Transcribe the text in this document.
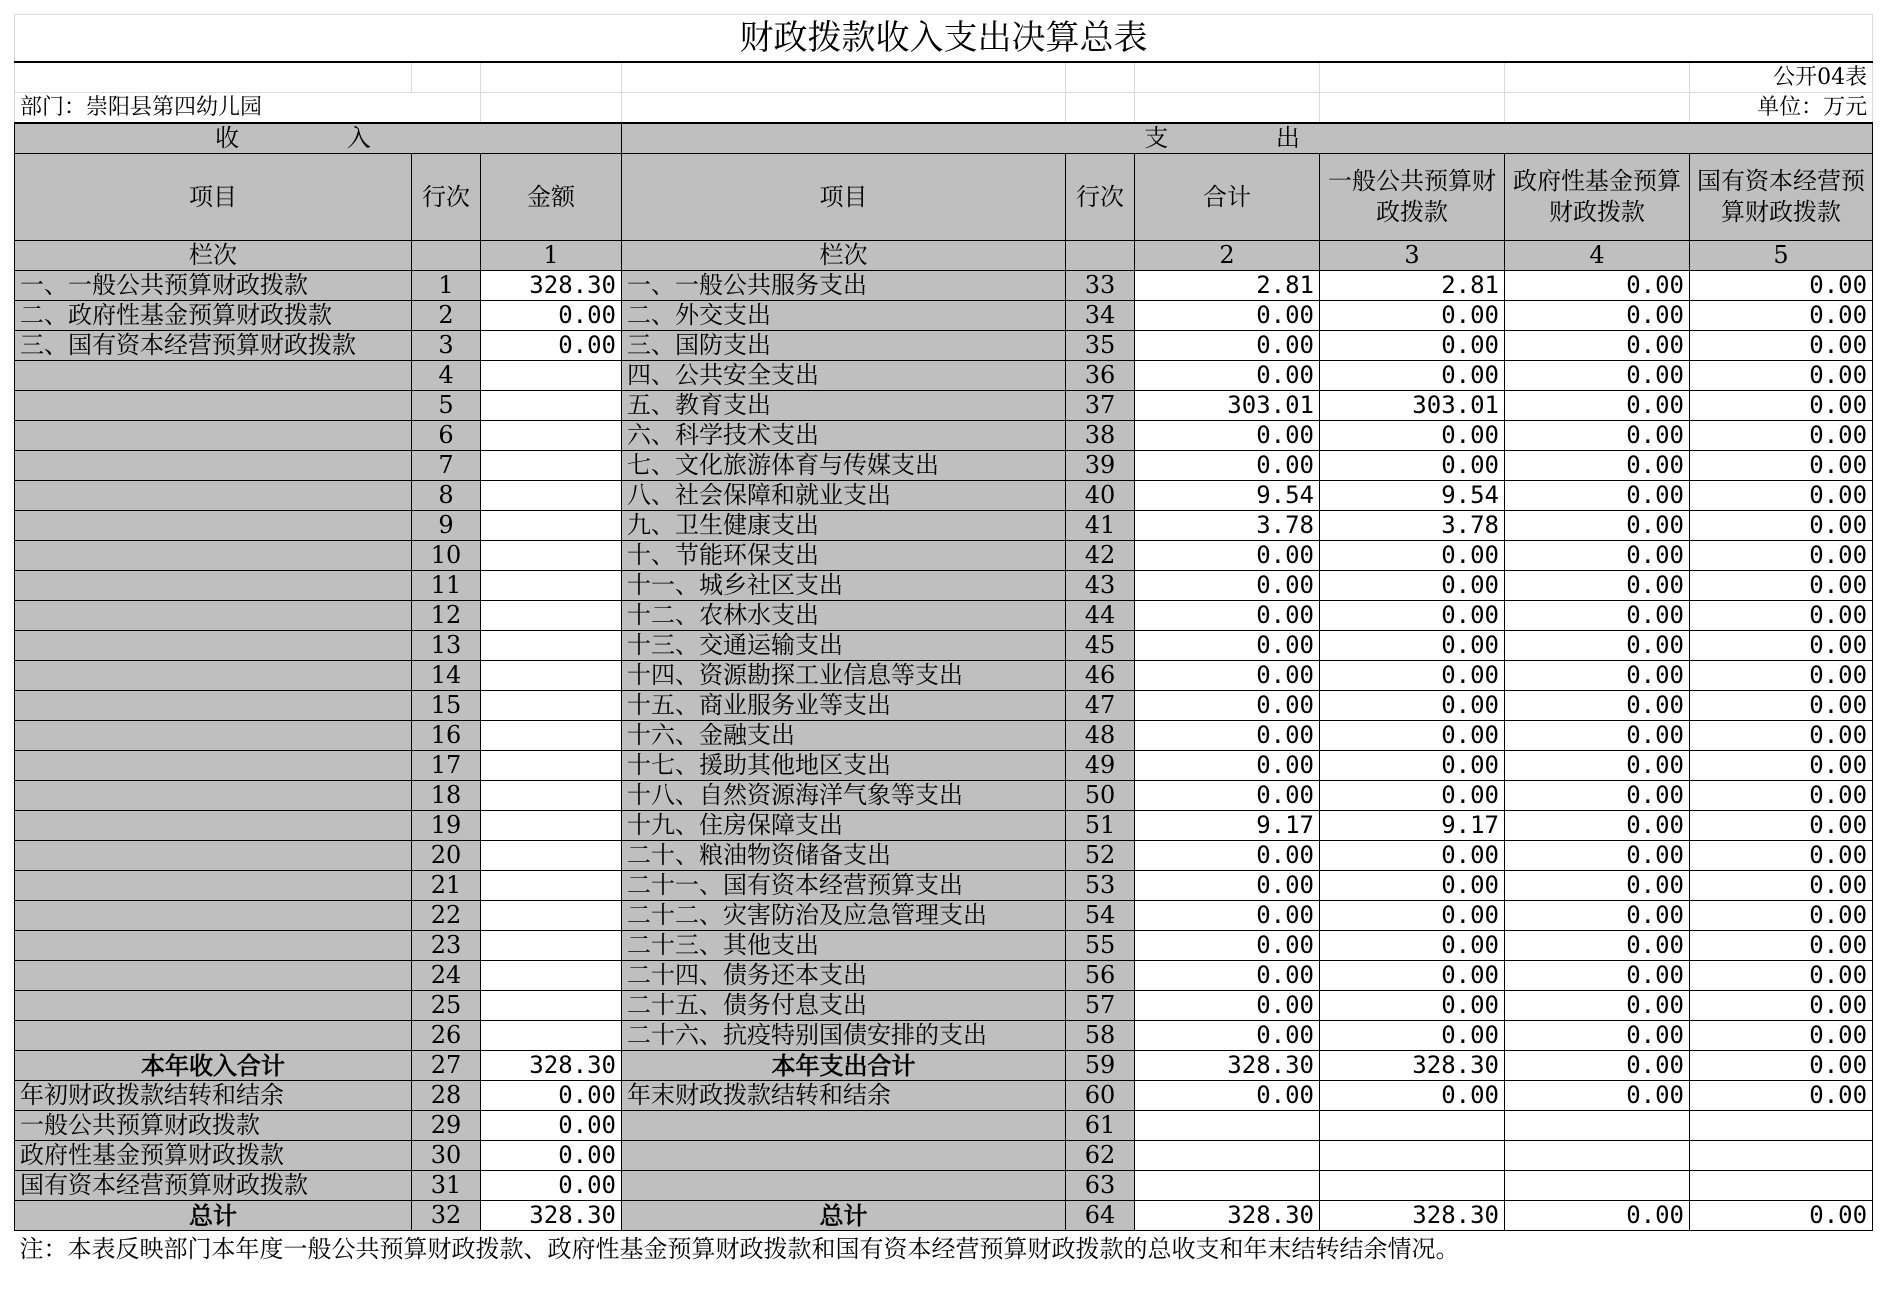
财政拨款收入支出决算总表								
								公开04表
部门：崇阳县第四幼儿园								单位：万元
收 入			支 出					
项目	行次	金额	项目	行次	合计	一般公共预算财政拨款	政府性基金预算财政拨款	国有资本经营预算财政拨款
栏次		1	栏次		2	3	4	5
一、一般公共预算财政拨款	1	328.30	一、一般公共服务支出	33	2.81	2.81	0.00	0.00
二、政府性基金预算财政拨款	2	0.00	二、外交支出	34	0.00	0.00	0.00	0.00
三、国有资本经营预算财政拨款	3	0.00	三、国防支出	35	0.00	0.00	0.00	0.00
	4		四、公共安全支出	36	0.00	0.00	0.00	0.00
	5		五、教育支出	37	303.01	303.01	0.00	0.00
	6		六、科学技术支出	38	0.00	0.00	0.00	0.00
	7		七、文化旅游体育与传媒支出	39	0.00	0.00	0.00	0.00
	8		八、社会保障和就业支出	40	9.54	9.54	0.00	0.00
	9		九、卫生健康支出	41	3.78	3.78	0.00	0.00
	10		十、节能环保支出	42	0.00	0.00	0.00	0.00
	11		十一、城乡社区支出	43	0.00	0.00	0.00	0.00
	12		十二、农林水支出	44	0.00	0.00	0.00	0.00
	13		十三、交通运输支出	45	0.00	0.00	0.00	0.00
	14		十四、资源勘探工业信息等支出	46	0.00	0.00	0.00	0.00
	15		十五、商业服务业等支出	47	0.00	0.00	0.00	0.00
	16		十六、金融支出	48	0.00	0.00	0.00	0.00
	17		十七、援助其他地区支出	49	0.00	0.00	0.00	0.00
	18		十八、自然资源海洋气象等支出	50	0.00	0.00	0.00	0.00
	19		十九、住房保障支出	51	9.17	9.17	0.00	0.00
	20		二十、粮油物资储备支出	52	0.00	0.00	0.00	0.00
	21		二十一、国有资本经营预算支出	53	0.00	0.00	0.00	0.00
	22		二十二、灾害防治及应急管理支出	54	0.00	0.00	0.00	0.00
	23		二十三、其他支出	55	0.00	0.00	0.00	0.00
	24		二十四、债务还本支出	56	0.00	0.00	0.00	0.00
	25		二十五、债务付息支出	57	0.00	0.00	0.00	0.00
	26		二十六、抗疫特别国债安排的支出	58	0.00	0.00	0.00	0.00
本年收入合计	27	328.30	本年支出合计	59	328.30	328.30	0.00	0.00
年初财政拨款结转和结余	28	0.00	年末财政拨款结转和结余	60	0.00	0.00	0.00	0.00
一般公共预算财政拨款	29	0.00		61				
政府性基金预算财政拨款	30	0.00		62				
国有资本经营预算财政拨款	31	0.00		63				
总计	32	328.30	总计	64	328.30	328.30	0.00	0.00
注：本表反映部门本年度一般公共预算财政拨款、政府性基金预算财政拨款和国有资本经营预算财政拨款的总收支和年末结转结余情况。								
